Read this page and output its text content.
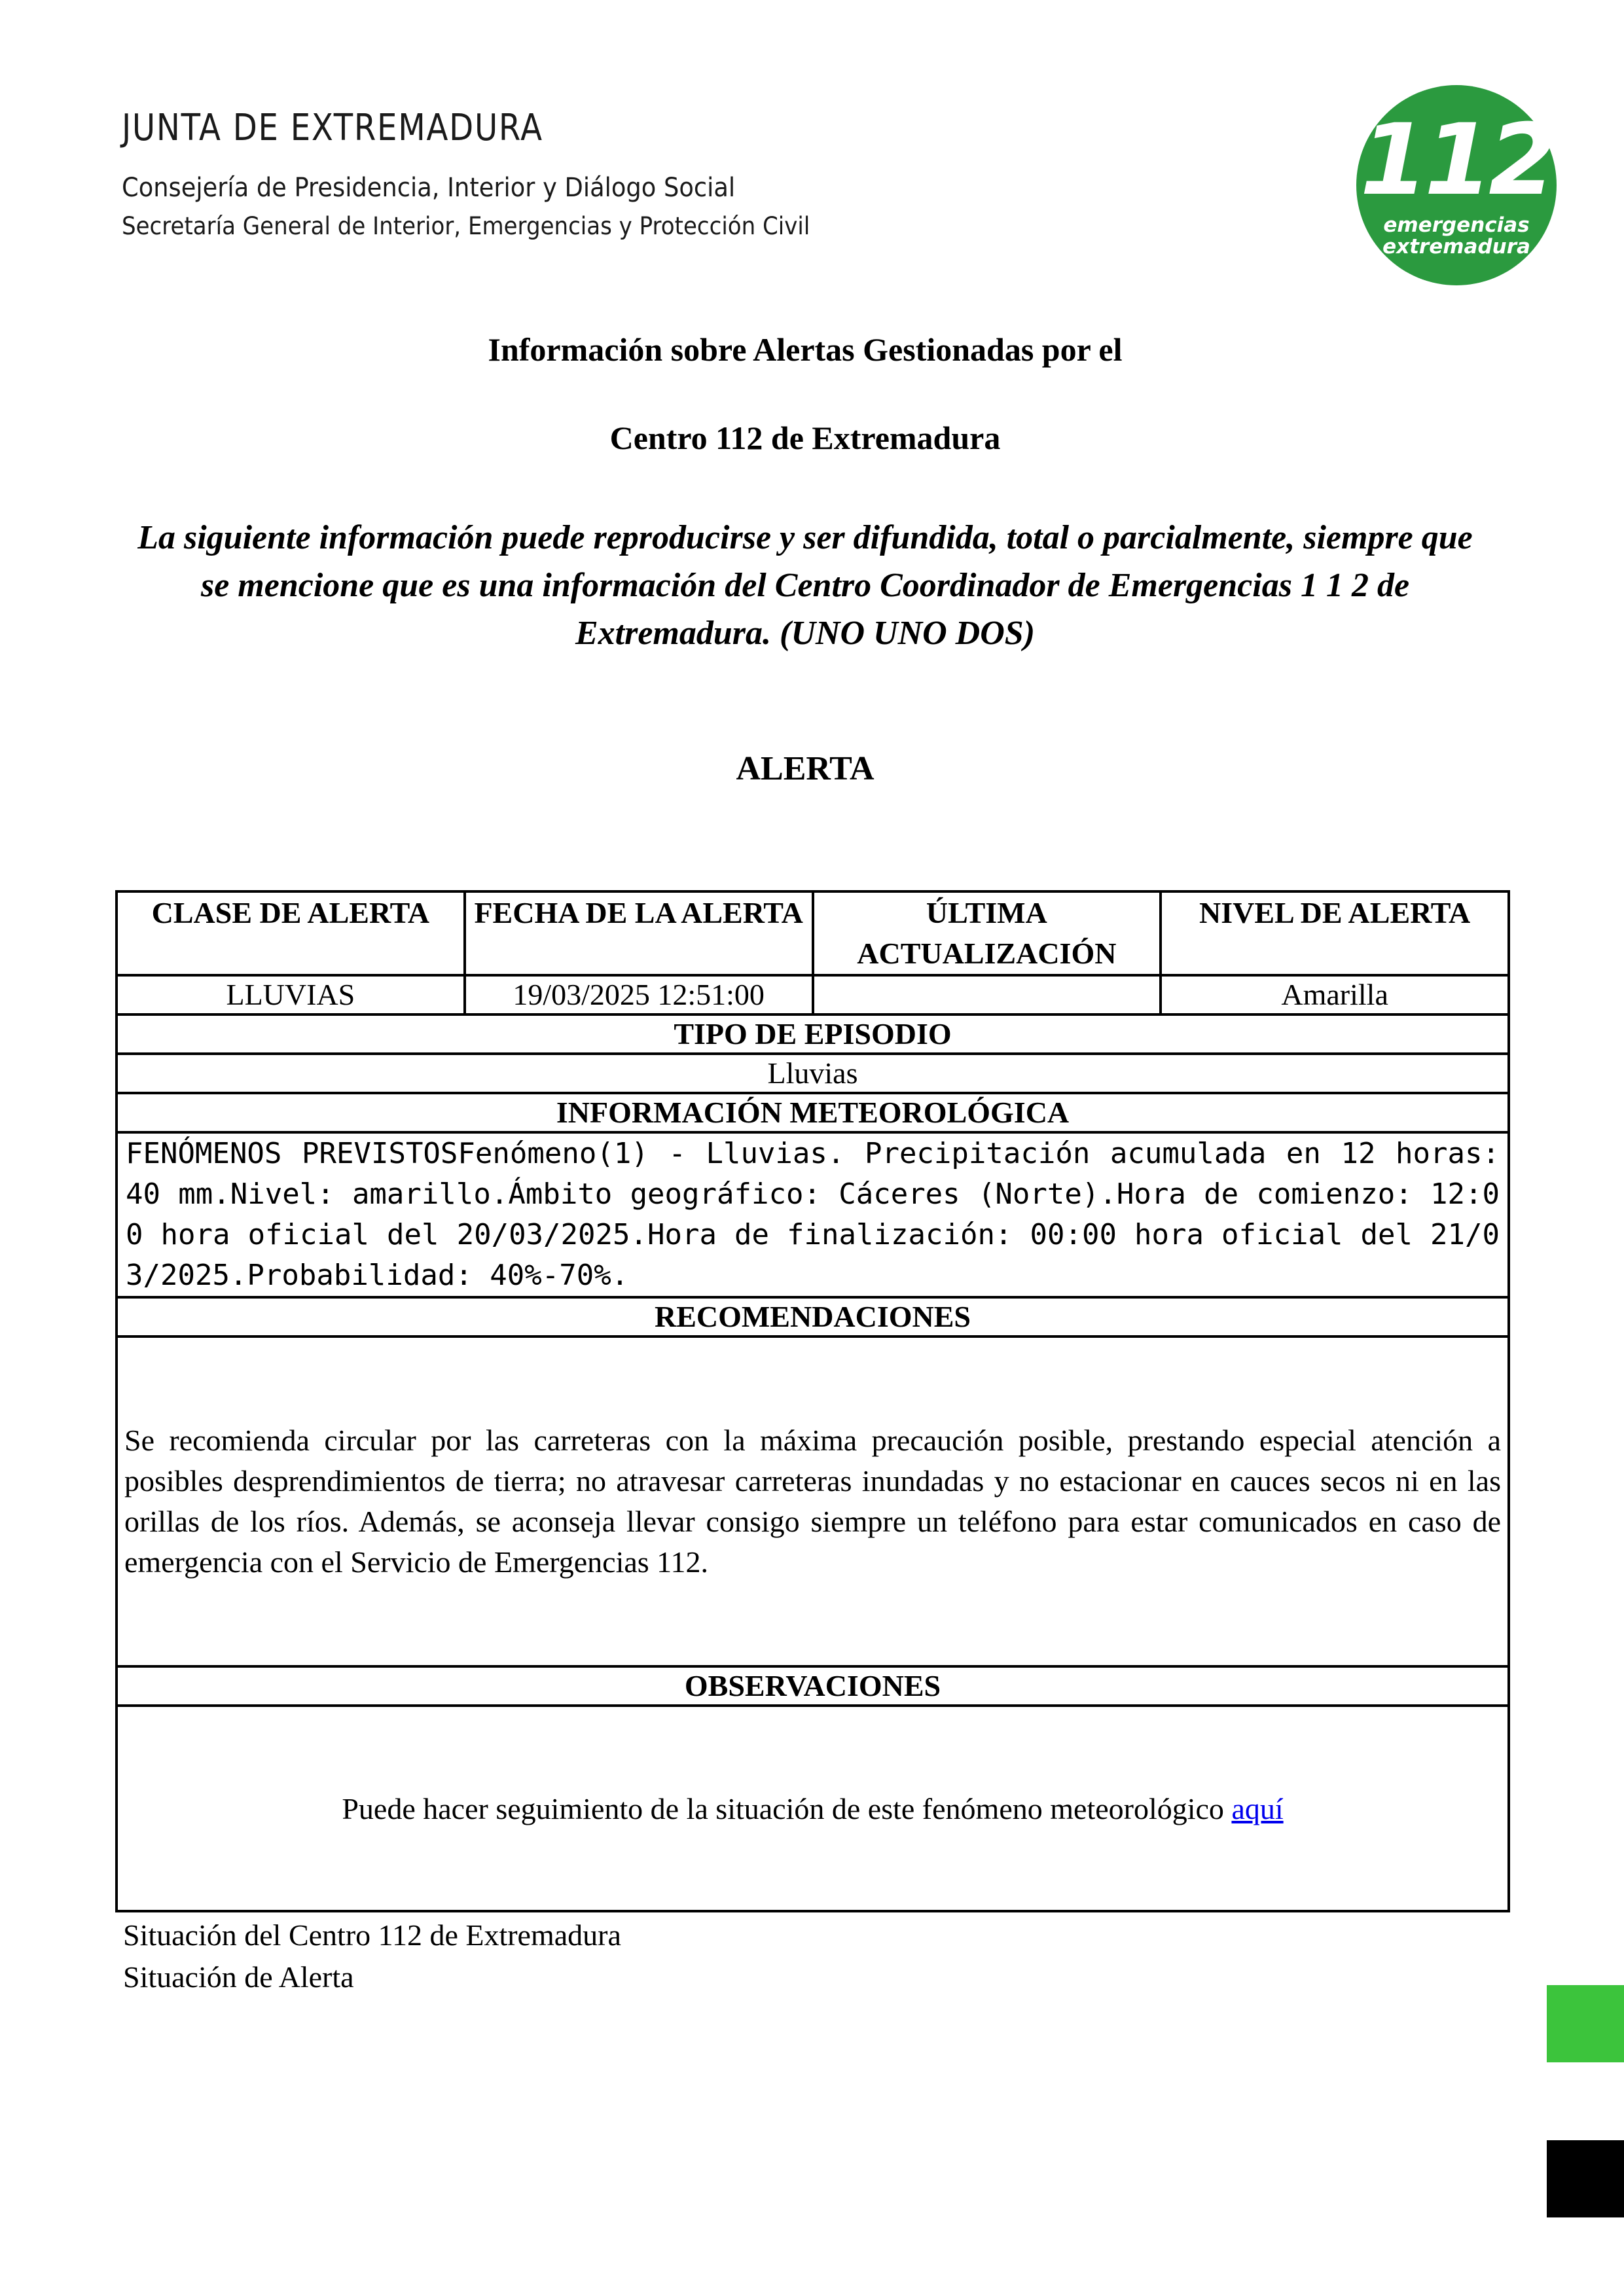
JUNTA DE EXTREMADURA
Consejería de Presidencia, Interior y Diálogo Social
Secretaría General de Interior, Emergencias y Protección Civil
112
emergencias
extremadura
Información sobre Alertas Gestionadas por el
Centro 112 de Extremadura
La siguiente información puede reproducirse y ser difundida, total o parcialmente, siempre que se mencione que es una información del Centro Coordinador de Emergencias 1 1 2 de Extremadura. (UNO UNO DOS)
ALERTA
CLASE DE ALERTA	FECHA DE LA ALERTA	ÚLTIMA ACTUALIZACIÓN	NIVEL DE ALERTA
LLUVIAS	19/03/2025 12:51:00		Amarilla
TIPO DE EPISODIO			
Lluvias			
INFORMACIÓN METEOROLÓGICA			
FENÓMENOS PREVISTOSFenómeno(1) - Lluvias. Precipitación acumulada en 12 horas: 40 mm.Nivel: amarillo.Ámbito geográfico: Cáceres (Norte).Hora de comienzo: 12:00 hora oficial del 20/03/2025.Hora de finalización: 00:00 hora oficial del 21/03/2025.Probabilidad: 40%-70%.			
RECOMENDACIONES			
Se recomienda circular por las carreteras con la máxima precaución posible, prestando especial atención a posibles desprendimientos de tierra; no atravesar carreteras inundadas y no estacionar en cauces secos ni en las orillas de los ríos. Además, se aconseja llevar consigo siempre un teléfono para estar comunicados en caso de emergencia con el Servicio de Emergencias 112.			
OBSERVACIONES			
Puede hacer seguimiento de la situación de este fenómeno meteorológico aquí			
Situación del Centro 112 de Extremadura
Situación de Alerta
